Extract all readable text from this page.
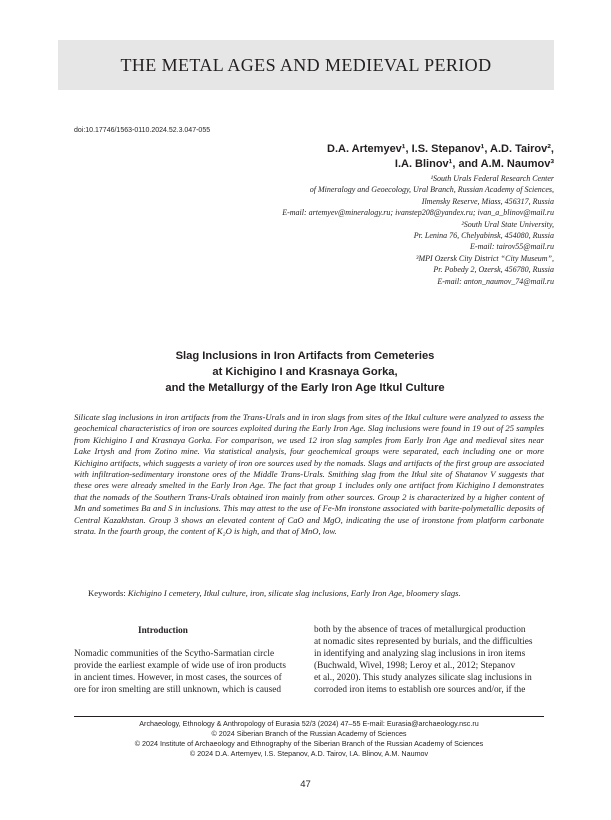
THE METAL AGES AND MEDIEVAL PERIOD
doi:10.17746/1563-0110.2024.52.3.047-055
D.A. Artemyev¹, I.S. Stepanov¹, A.D. Tairov²,
I.A. Blinov¹, and A.M. Naumov³
¹South Urals Federal Research Center
of Mineralogy and Geoecology, Ural Branch, Russian Academy of Sciences,
Ilmensky Reserve, Miass, 456317, Russia
E-mail: artemyev@mineralogy.ru; ivanstep208@yandex.ru; ivan_a_blinov@mail.ru
²South Ural State University,
Pr. Lenina 76, Chelyabinsk, 454080, Russia
E-mail: tairov55@mail.ru
³MPI Ozersk City District “City Museum”,
Pr. Pobedy 2, Ozersk, 456780, Russia
E-mail: anton_naumov_74@mail.ru
Slag Inclusions in Iron Artifacts from Cemeteries
at Kichigino I and Krasnaya Gorka,
and the Metallurgy of the Early Iron Age Itkul Culture
Silicate slag inclusions in iron artifacts from the Trans-Urals and in iron slags from sites of the Itkul culture were analyzed to assess the geochemical characteristics of iron ore sources exploited during the Early Iron Age. Slag inclusions were found in 19 out of 25 samples from Kichigino I and Krasnaya Gorka. For comparison, we used 12 iron slag samples from Early Iron Age and medieval sites near Lake Irtysh and from Zotino mine. Via statistical analysis, four geochemical groups were separated, each including one or more Kichigino artifacts, which suggests a variety of iron ore sources used by the nomads. Slags and artifacts of the first group are associated with infiltration-sedimentary ironstone ores of the Middle Trans-Urals. Smithing slag from the Itkul site of Shatanov V suggests that these ores were already smelted in the Early Iron Age. The fact that group 1 includes only one artifact from Kichigino I demonstrates that the nomads of the Southern Trans-Urals obtained iron mainly from other sources. Group 2 is characterized by a higher content of Mn and sometimes Ba and S in inclusions. This may attest to the use of Fe-Mn ironstone associated with barite-polymetallic deposits of Central Kazakhstan. Group 3 shows an elevated content of CaO and MgO, indicating the use of ironstone from platform carbonate strata. In the fourth group, the content of K₂O is high, and that of MnO, low.
Keywords: Kichigino I cemetery, Itkul culture, iron, silicate slag inclusions, Early Iron Age, bloomery slags.
Introduction
Nomadic communities of the Scytho-Sarmatian circle
provide the earliest example of wide use of iron products
in ancient times. However, in most cases, the sources of
ore for iron smelting are still unknown, which is caused
both by the absence of traces of metallurgical production
at nomadic sites represented by burials, and the difficulties
in identifying and analyzing slag inclusions in iron items
(Buchwald, Wivel, 1998; Leroy et al., 2012; Stepanov
et al., 2020). This study analyzes silicate slag inclusions in
corroded iron items to establish ore sources and/or, if the
Archaeology, Ethnology & Anthropology of Eurasia 52/3 (2024) 47–55 E-mail: Eurasia@archaeology.nsc.ru
© 2024 Siberian Branch of the Russian Academy of Sciences
© 2024 Institute of Archaeology and Ethnography of the Siberian Branch of the Russian Academy of Sciences
© 2024 D.A. Artemyev, I.S. Stepanov, A.D. Tairov, I.A. Blinov, A.M. Naumov
47
